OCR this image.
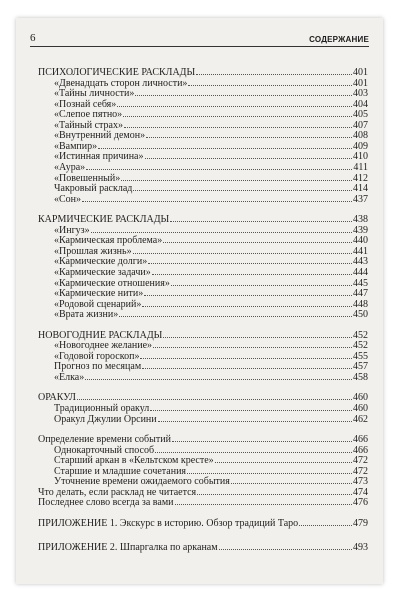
6	СОДЕРЖАНИЕ
ПСИХОЛОГИЧЕСКИЕ РАСКЛАДЫ	401
«Двенадцать сторон личности»	401
«Тайны личности»	403
«Познай себя»	404
«Слепое пятно»	405
«Тайный страх»	407
«Внутренний демон»	408
«Вампир»	409
«Истинная причина»	410
«Аура»	411
«Повешенный»	412
Чакровый расклад	414
«Сон»	437
КАРМИЧЕСКИЕ РАСКЛАДЫ	438
«Ингуз»	439
«Кармическая проблема»	440
«Прошлая жизнь»	441
«Кармические долги»	443
«Кармические задачи»	444
«Кармические отношения»	445
«Кармические нити»	447
«Родовой сценарий»	448
«Врата жизни»	450
НОВОГОДНИЕ РАСКЛАДЫ	452
«Новогоднее желание»	452
«Годовой гороскоп»	455
Прогноз по месяцам	457
«Елка»	458
ОРАКУЛ	460
Традиционный оракул	460
Оракул Джулии Орсини	462
Определение времени событий	466
Однокарточный способ	466
Старший аркан в «Кельтском кресте»	472
Старшие и младшие сочетания	472
Уточнение времени ожидаемого события	473
Что делать, если расклад не читается	474
Последнее слово всегда за вами	476
ПРИЛОЖЕНИЕ 1. Экскурс в историю. Обзор традиций Таро	479
ПРИЛОЖЕНИЕ 2. Шпаргалка по арканам	493
